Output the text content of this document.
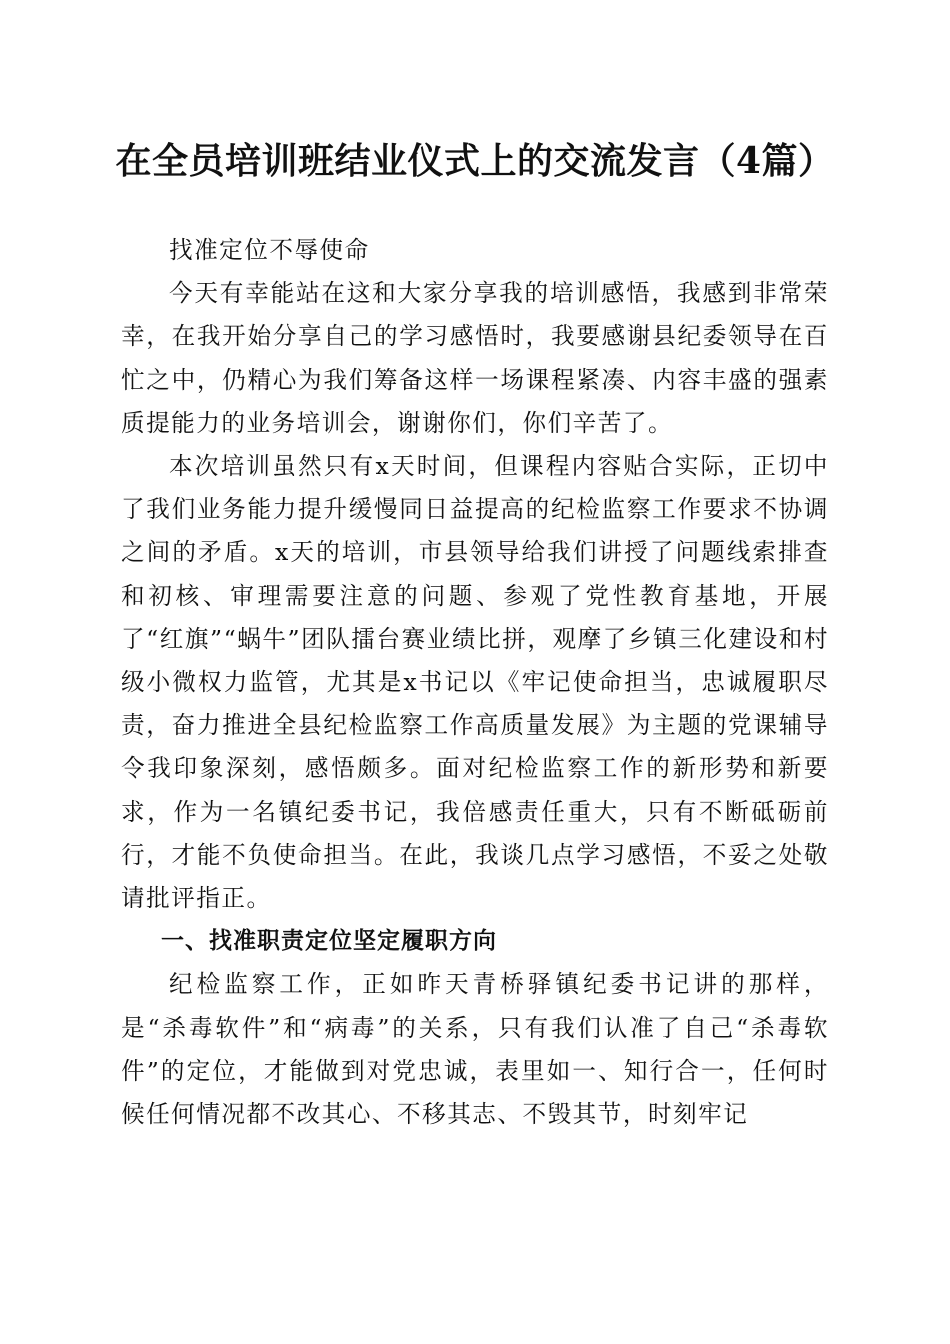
在全员培训班结业仪式上的交流发言（4篇）

找准定位不辱使命

今天有幸能站在这和大家分享我的培训感悟，我感到非常荣幸，在我开始分享自己的学习感悟时，我要感谢县纪委领导在百忙之中，仍精心为我们筹备这样一场课程紧凑、内容丰盛的强素质提能力的业务培训会，谢谢你们，你们辛苦了。

本次培训虽然只有x天时间，但课程内容贴合实际，正切中了我们业务能力提升缓慢同日益提高的纪检监察工作要求不协调之间的矛盾。x天的培训，市县领导给我们讲授了问题线索排查和初核、审理需要注意的问题、参观了党性教育基地，开展了“红旗”“蜗牛”团队擂台赛业绩比拼，观摩了乡镇三化建设和村级小微权力监管，尤其是x书记以《牢记使命担当，忠诚履职尽责，奋力推进全县纪检监察工作高质量发展》为主题的党课辅导令我印象深刻，感悟颇多。面对纪检监察工作的新形势和新要求，作为一名镇纪委书记，我倍感责任重大，只有不断砥砺前行，才能不负使命担当。在此，我谈几点学习感悟，不妥之处敬请批评指正。

一、找准职责定位坚定履职方向

纪检监察工作，正如昨天青桥驿镇纪委书记讲的那样，是“杀毒软件”和“病毒”的关系，只有我们认准了自己“杀毒软件”的定位，才能做到对党忠诚，表里如一、知行合一，任何时候任何情况都不改其心、不移其志、不毁其节，时刻牢记
